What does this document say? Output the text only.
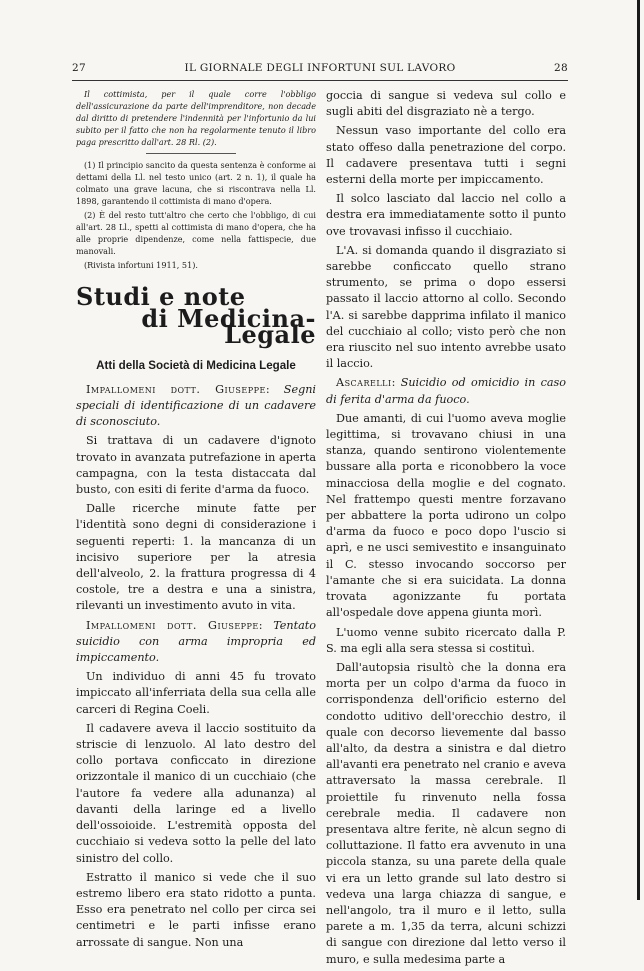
27	IL GIORNALE DEGLI INFORTUNI SUL LAVORO	28

Il cottimista, per il quale corre l'obbligo dell'assicurazione da parte dell'imprenditore, non decade dal diritto di pretendere l'indennità per l'infortunio da lui subito per il fatto che non ha regolarmente tenuto il libro paga prescritto dall'art. 28 Rl. (2).

(1) Il principio sancito da questa sentenza è conforme ai dettami della Ll. nel testo unico (art. 2 n. 1), il quale ha colmato una grave lacuna, che si riscontrava nella Ll. 1898, garantendo il cottimista di mano d'opera.

(2) È del resto tutt'altro che certo che l'obbligo, di cui all'art. 28 Ll., spetti al cottimista di mano d'opera, che ha alle proprie dipendenze, come nella fattispecie, due manovali.

(Rivista infortuni 1911, 51).

Studi e note
di Medicina-Legale
Atti della Società di Medicina Legale

Impallomeni dott. Giuseppe: Segni speciali di identificazione di un cadavere di sconosciuto.

Si trattava di un cadavere d'ignoto trovato in avanzata putrefazione in aperta campagna, con la testa distaccata dal busto, con esiti di ferite d'arma da fuoco.

Dalle ricerche minute fatte per l'identità sono degni di considerazione i seguenti reperti: 1. la mancanza di un incisivo superiore per la atresia dell'alveolo, 2. la frattura progressa di 4 costole, tre a destra e una a sinistra, rilevanti un investimento avuto in vita.

Impallomeni dott. Giuseppe: Tentato suicidio con arma impropria ed impiccamento.

Un individuo di anni 45 fu trovato impiccato all'inferriata della sua cella alle carceri di Regina Coeli.

Il cadavere aveva il laccio sostituito da striscie di lenzuolo. Al lato destro del collo portava conficcato in direzione orizzontale il manico di un cucchiaio (che l'autore fa vedere alla adunanza) al davanti della laringe ed a livello dell'ossoioide. L'estremità opposta del cucchiaio si vedeva sotto la pelle del lato sinistro del collo.

Estratto il manico si vede che il suo estremo libero era stato ridotto a punta. Esso era penetrato nel collo per circa sei centimetri e le parti infisse erano arrossate di sangue. Non una

goccia di sangue si vedeva sul collo e sugli abiti del disgraziato nè a tergo.

Nessun vaso importante del collo era stato offeso dalla penetrazione del corpo. Il cadavere presentava tutti i segni esterni della morte per impiccamento.

Il solco lasciato dal laccio nel collo a destra era immediatamente sotto il punto ove trovavasi infisso il cucchiaio.

L'A. si domanda quando il disgraziato si sarebbe conficcato quello strano strumento, se prima o dopo essersi passato il laccio attorno al collo. Secondo l'A. si sarebbe dapprima infilato il manico del cucchiaio al collo; visto però che non era riuscito nel suo intento avrebbe usato il laccio.

Ascarelli: Suicidio od omicidio in caso di ferita d'arma da fuoco.

Due amanti, di cui l'uomo aveva moglie legittima, si trovavano chiusi in una stanza, quando sentirono violentemente bussare alla porta e riconobbero la voce minacciosa della moglie e del cognato. Nel frattempo questi mentre forzavano per abbattere la porta udirono un colpo d'arma da fuoco e poco dopo l'uscio si aprì, e ne usci semivestito e insanguinato il C. stesso invocando soccorso per l'amante che si era suicidata. La donna trovata agonizzante fu portata all'ospedale dove appena giunta morì.

L'uomo venne subito ricercato dalla P. S. ma egli alla sera stessa si costituì.

Dall'autopsia risultò che la donna era morta per un colpo d'arma da fuoco in corrispondenza dell'orificio esterno del condotto uditivo dell'orecchio destro, il quale con decorso lievemente dal basso all'alto, da destra a sinistra e dal dietro all'avanti era penetrato nel cranio e aveva attraversato la massa cerebrale. Il proiettile fu rinvenuto nella fossa cerebrale media. Il cadavere non presentava altre ferite, nè alcun segno di colluttazione. Il fatto era avvenuto in una piccola stanza, su una parete della quale vi era un letto grande sul lato destro si vedeva una larga chiazza di sangue, e nell'angolo, tra il muro e il letto, sulla parete a m. 1,35 da terra, alcuni schizzi di sangue con direzione dal letto verso il muro, e sulla medesima parte a
